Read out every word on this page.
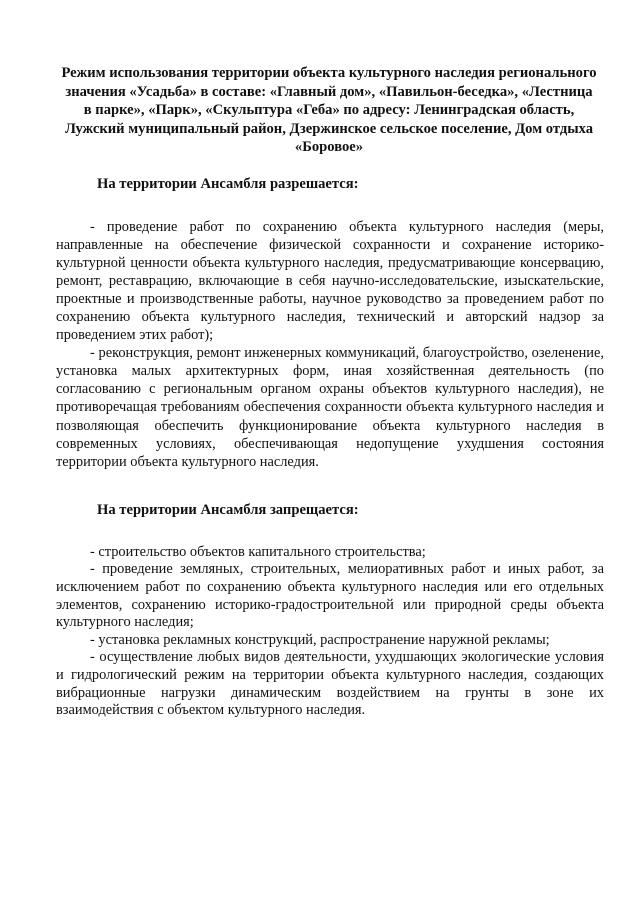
Режим использования территории объекта культурного наследия регионального значения «Усадьба» в составе: «Главный дом», «Павильон-беседка», «Лестница в парке», «Парк», «Скульптура «Геба» по адресу: Ленинградская область, Лужский муниципальный район, Дзержинское сельское поселение, Дом отдыха «Боровое»
На территории Ансамбля разрешается:

- проведение работ по сохранению объекта культурного наследия (меры, направленные на обеспечение физической сохранности и сохранение историко-культурной ценности объекта культурного наследия, предусматривающие консервацию, ремонт, реставрацию, включающие в себя научно-исследовательские, изыскательские, проектные и производственные работы, научное руководство за проведением работ по сохранению объекта культурного наследия, технический и авторский надзор за проведением этих работ);

- реконструкция, ремонт инженерных коммуникаций, благоустройство, озеленение, установка малых архитектурных форм, иная хозяйственная деятельность (по согласованию с региональным органом охраны объектов культурного наследия), не противоречащая требованиям обеспечения сохранности объекта культурного наследия и позволяющая обеспечить функционирование объекта культурного наследия в современных условиях, обеспечивающая недопущение ухудшения состояния территории объекта культурного наследия.

На территории Ансамбля запрещается:

- строительство объектов капитального строительства;

- проведение земляных, строительных, мелиоративных работ и иных работ, за исключением работ по сохранению объекта культурного наследия или его отдельных элементов, сохранению историко-градостроительной или природной среды объекта культурного наследия;

- установка рекламных конструкций, распространение наружной рекламы;

- осуществление любых видов деятельности, ухудшающих экологические условия и гидрологический режим на территории объекта культурного наследия, создающих вибрационные нагрузки динамическим воздействием на грунты в зоне их взаимодействия с объектом культурного наследия.
